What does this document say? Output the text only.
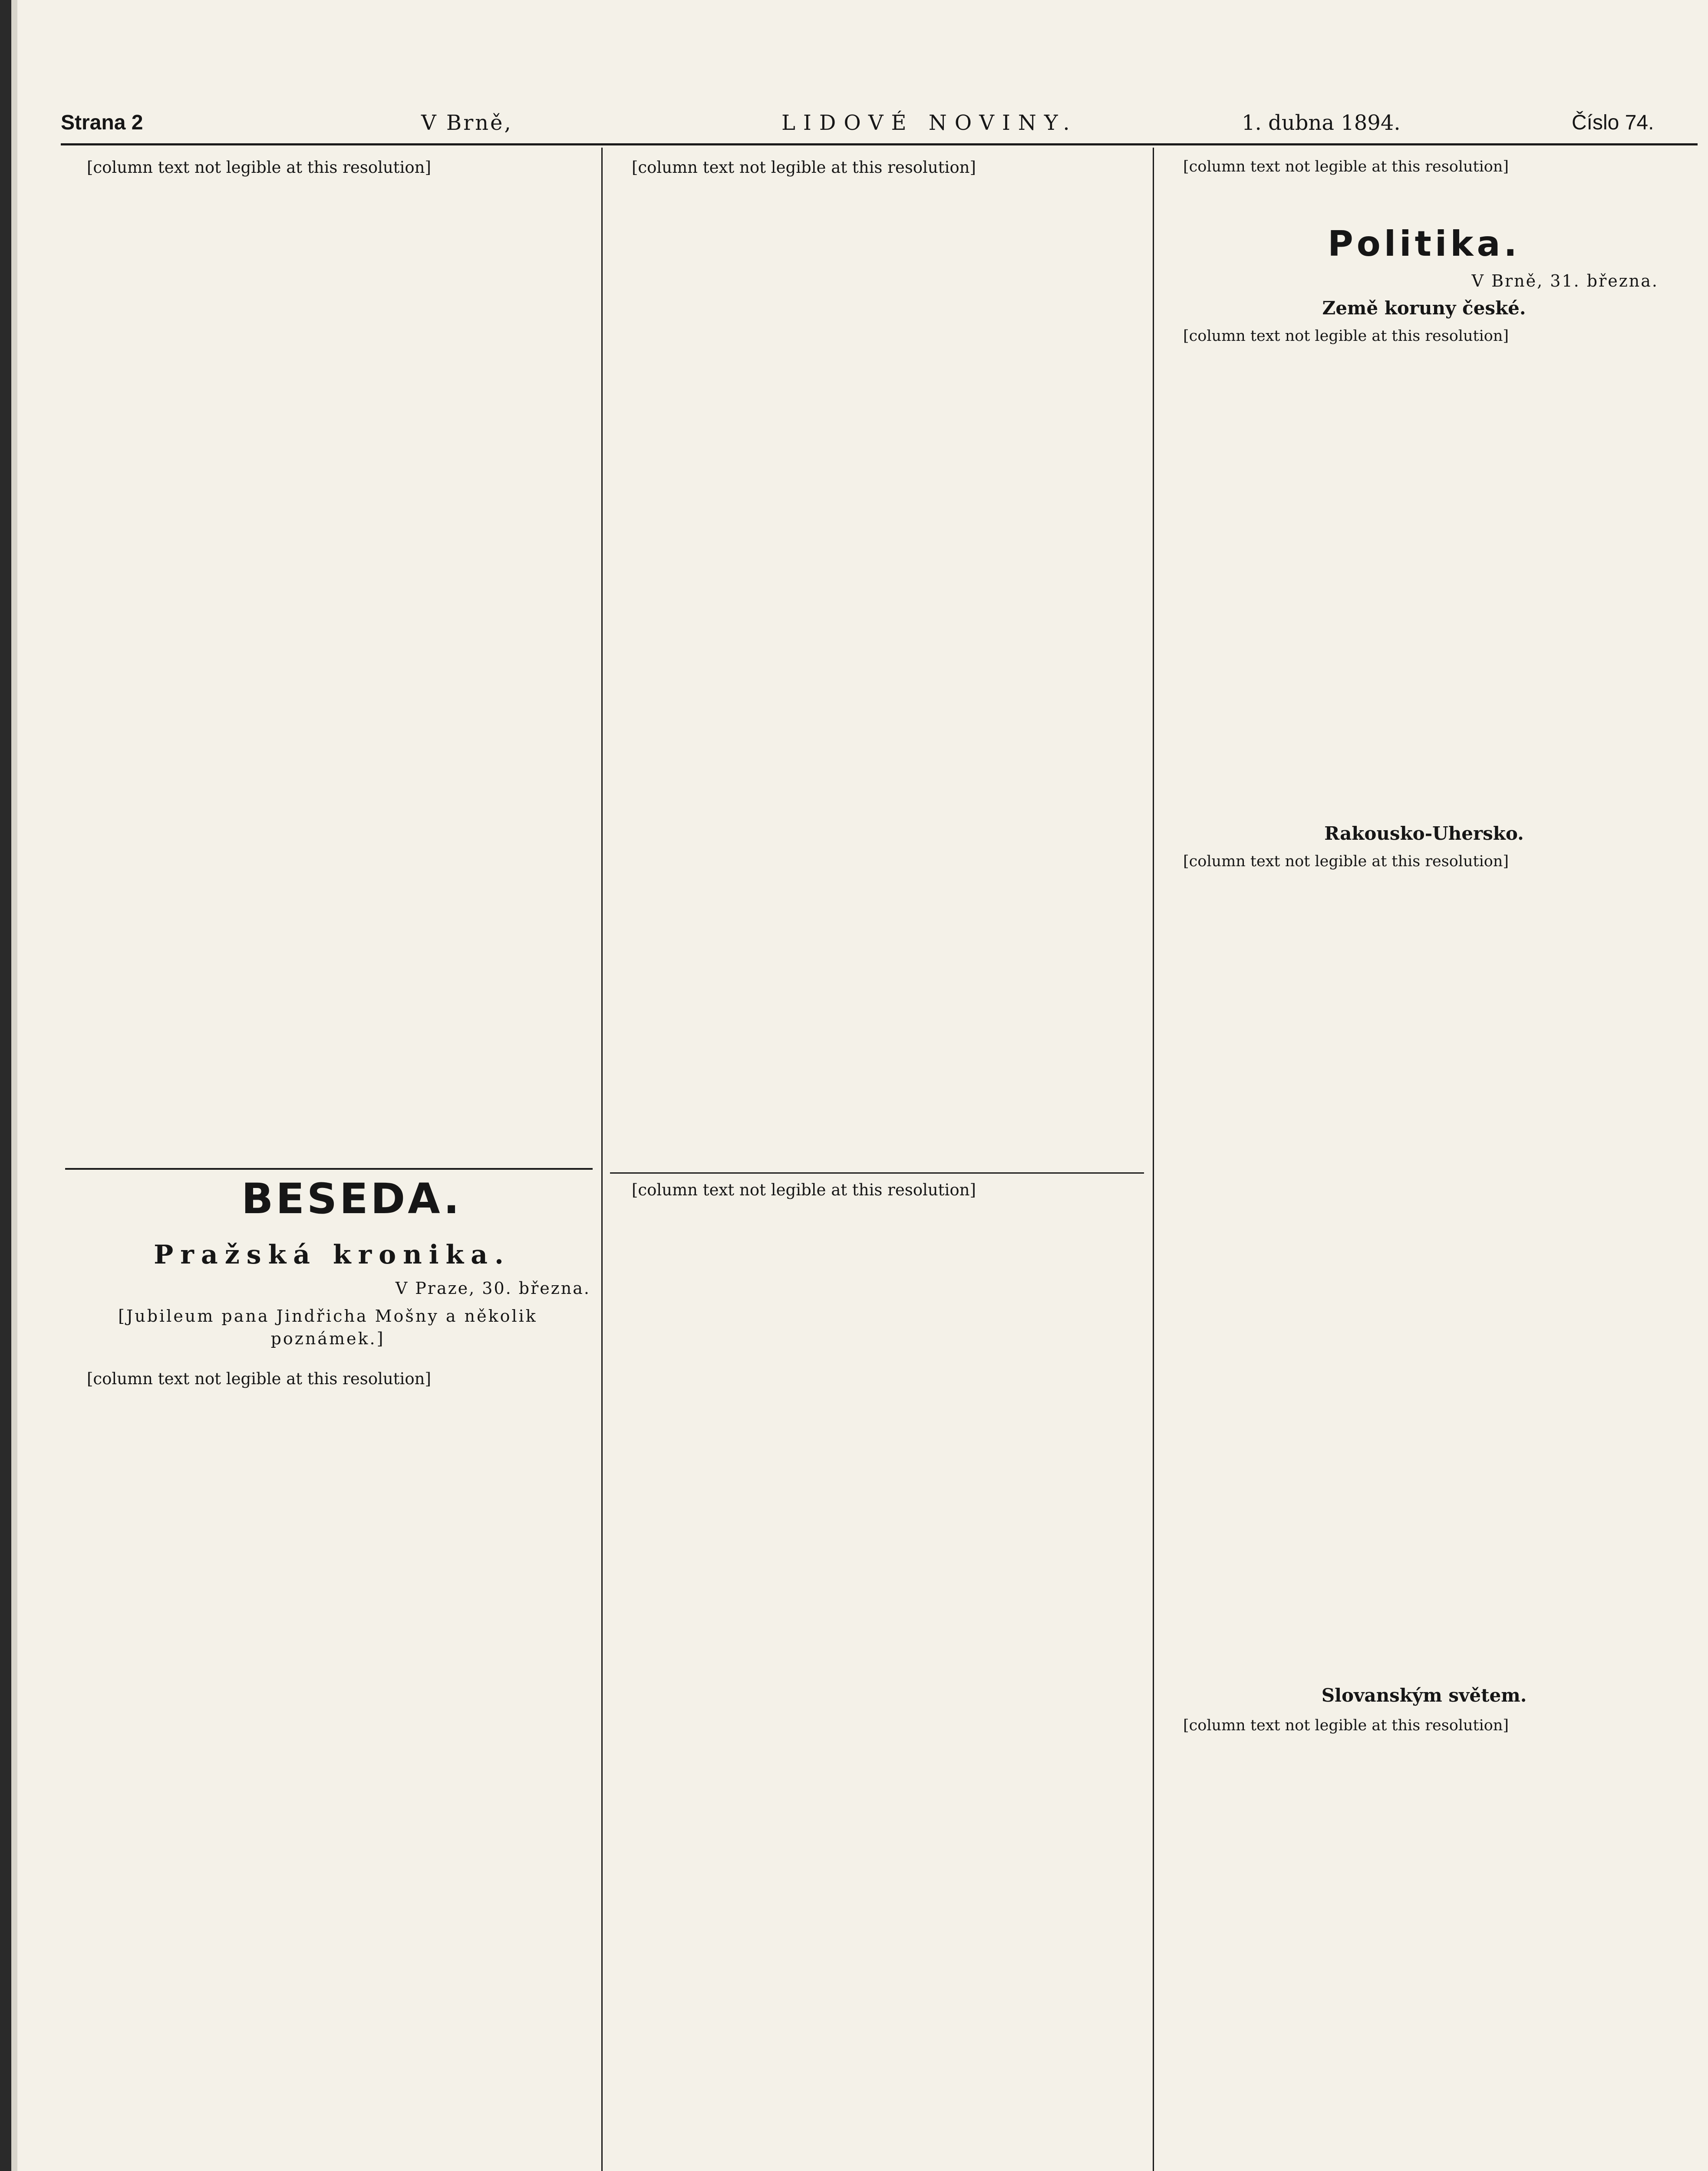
Strana 2	V Brně,	LIDOVÉ NOVINY.	1. dubna 1894.	Číslo 74.

[column text not legible at this resolution]

BESEDA.
Pražská kronika.

V Praze, 30. března.

[Jubileum pana Jindřicha Mošny a několik poznámek.]

[column text not legible at this resolution]

[column text not legible at this resolution]

[column text not legible at this resolution]

[column text not legible at this resolution]

Politika.

V Brně, 31. března.

Země koruny české.

[column text not legible at this resolution]

Rakousko-Uhersko.

[column text not legible at this resolution]

Slovanským světem.

[column text not legible at this resolution]
